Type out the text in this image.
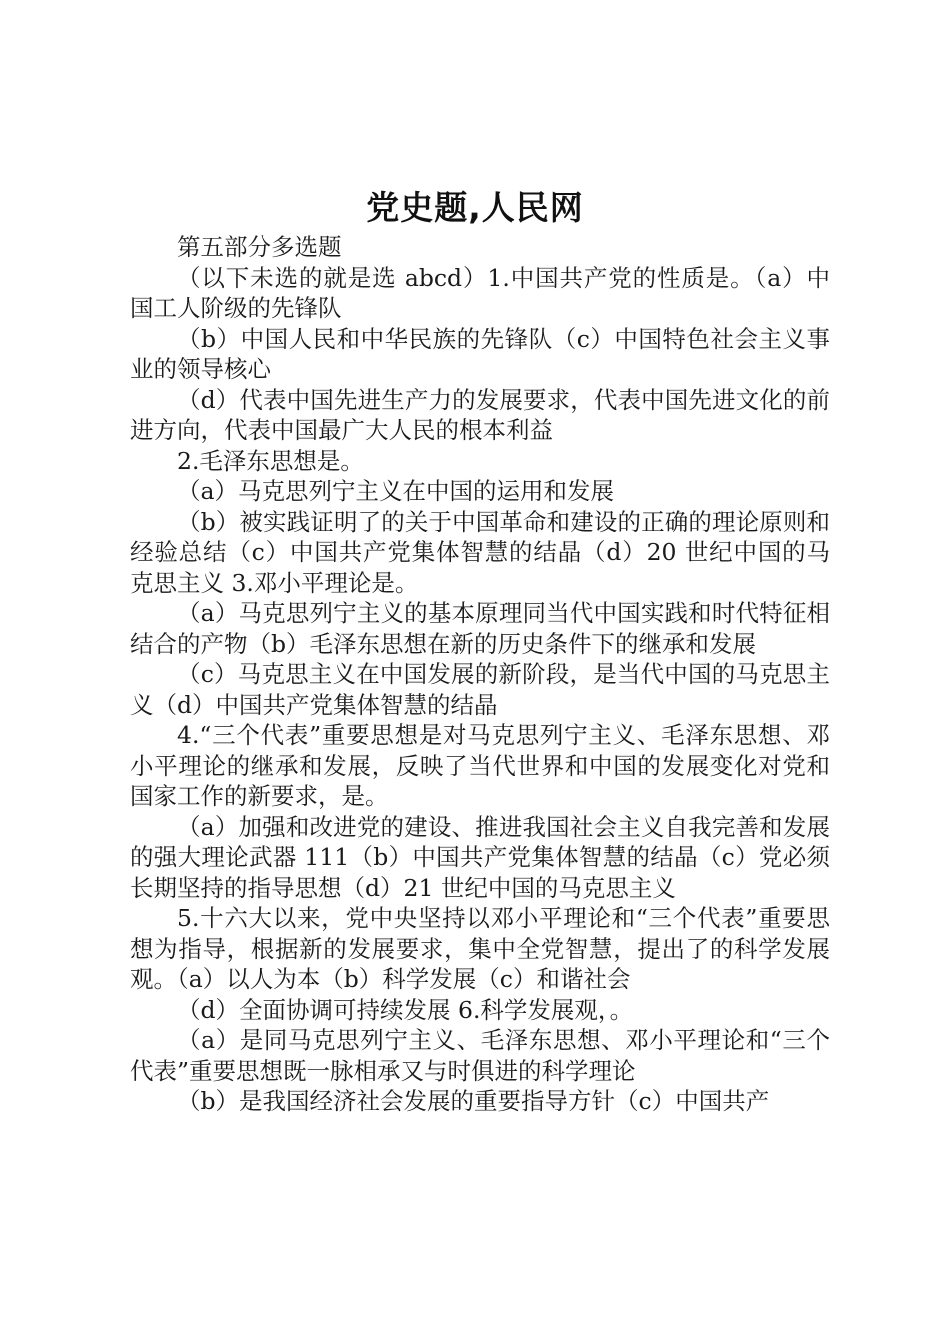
党史题,人民网

第五部分多选题

（以下未选的就是选 abcd）1.中国共产党的性质是。（a）中国工人阶级的先锋队

（b）中国人民和中华民族的先锋队（c）中国特色社会主义事业的领导核心

（d）代表中国先进生产力的发展要求，代表中国先进文化的前进方向，代表中国最广大人民的根本利益

2.毛泽东思想是。

（a）马克思列宁主义在中国的运用和发展

（b）被实践证明了的关于中国革命和建设的正确的理论原则和经验总结（c）中国共产党集体智慧的结晶（d）20 世纪中国的马克思主义 3.邓小平理论是。

（a）马克思列宁主义的基本原理同当代中国实践和时代特征相结合的产物（b）毛泽东思想在新的历史条件下的继承和发展

（c）马克思主义在中国发展的新阶段，是当代中国的马克思主义（d）中国共产党集体智慧的结晶

4.“三个代表”重要思想是对马克思列宁主义、毛泽东思想、邓小平理论的继承和发展，反映了当代世界和中国的发展变化对党和国家工作的新要求，是。

（a）加强和改进党的建设、推进我国社会主义自我完善和发展的强大理论武器 111（b）中国共产党集体智慧的结晶（c）党必须长期坚持的指导思想（d）21 世纪中国的马克思主义

5.十六大以来，党中央坚持以邓小平理论和“三个代表”重要思想为指导，根据新的发展要求，集中全党智慧，提出了的科学发展观。（a）以人为本（b）科学发展（c）和谐社会

（d）全面协调可持续发展 6.科学发展观，。

（a）是同马克思列宁主义、毛泽东思想、邓小平理论和“三个代表”重要思想既一脉相承又与时俱进的科学理论

（b）是我国经济社会发展的重要指导方针（c）中国共产
